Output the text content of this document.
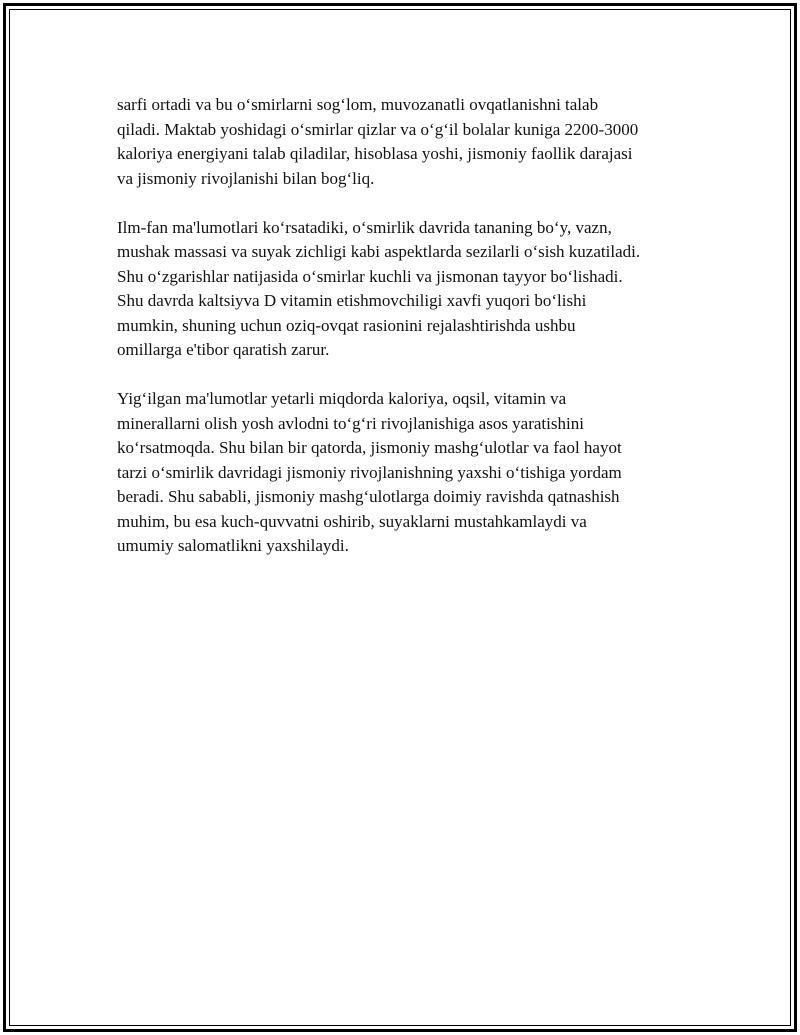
sarfi ortadi va bu o‘smirlarni sog‘lom, muvozanatli ovqatlanishni talab
qiladi. Maktab yoshidagi o‘smirlar qizlar va o‘g‘il bolalar kuniga 2200-3000
kaloriya energiyani talab qiladilar, hisoblasa yoshi, jismoniy faollik darajasi
va jismoniy rivojlanishi bilan bog‘liq.

Ilm-fan ma'lumotlari ko‘rsatadiki, o‘smirlik davrida tananing bo‘y, vazn,
mushak massasi va suyak zichligi kabi aspektlarda sezilarli o‘sish kuzatiladi.
Shu o‘zgarishlar natijasida o‘smirlar kuchli va jismonan tayyor bo‘lishadi.
Shu davrda kaltsiyva D vitamin etishmovchiligi xavfi yuqori bo‘lishi
mumkin, shuning uchun oziq-ovqat rasionini rejalashtirishda ushbu
omillarga e'tibor qaratish zarur.

Yig‘ilgan ma'lumotlar yetarli miqdorda kaloriya, oqsil, vitamin va
minerallarni olish yosh avlodni to‘g‘ri rivojlanishiga asos yaratishini
ko‘rsatmoqda. Shu bilan bir qatorda, jismoniy mashg‘ulotlar va faol hayot
tarzi o‘smirlik davridagi jismoniy rivojlanishning yaxshi o‘tishiga yordam
beradi. Shu sababli, jismoniy mashg‘ulotlarga doimiy ravishda qatnashish
muhim, bu esa kuch-quvvatni oshirib, suyaklarni mustahkamlaydi va
umumiy salomatlikni yaxshilaydi.
